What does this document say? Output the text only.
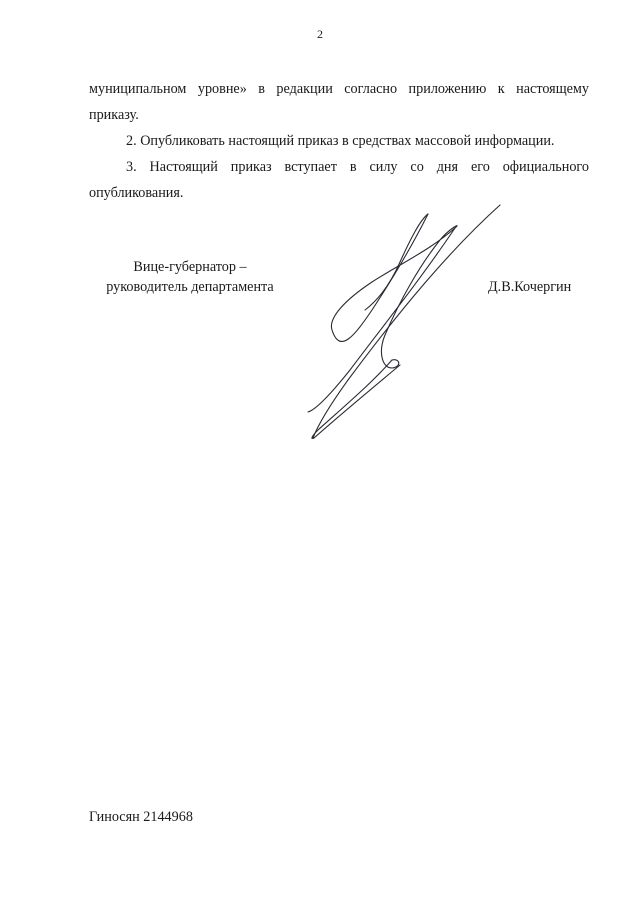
2
муниципальном уровне» в редакции согласно приложению к настоящему
приказу.
2. Опубликовать настоящий приказ в средствах массовой информации.
3. Настоящий приказ вступает в силу со дня его официального
опубликования.
Вице-губернатор –
руководитель департамента	Д.В.Кочергин
Гиносян 2144968
